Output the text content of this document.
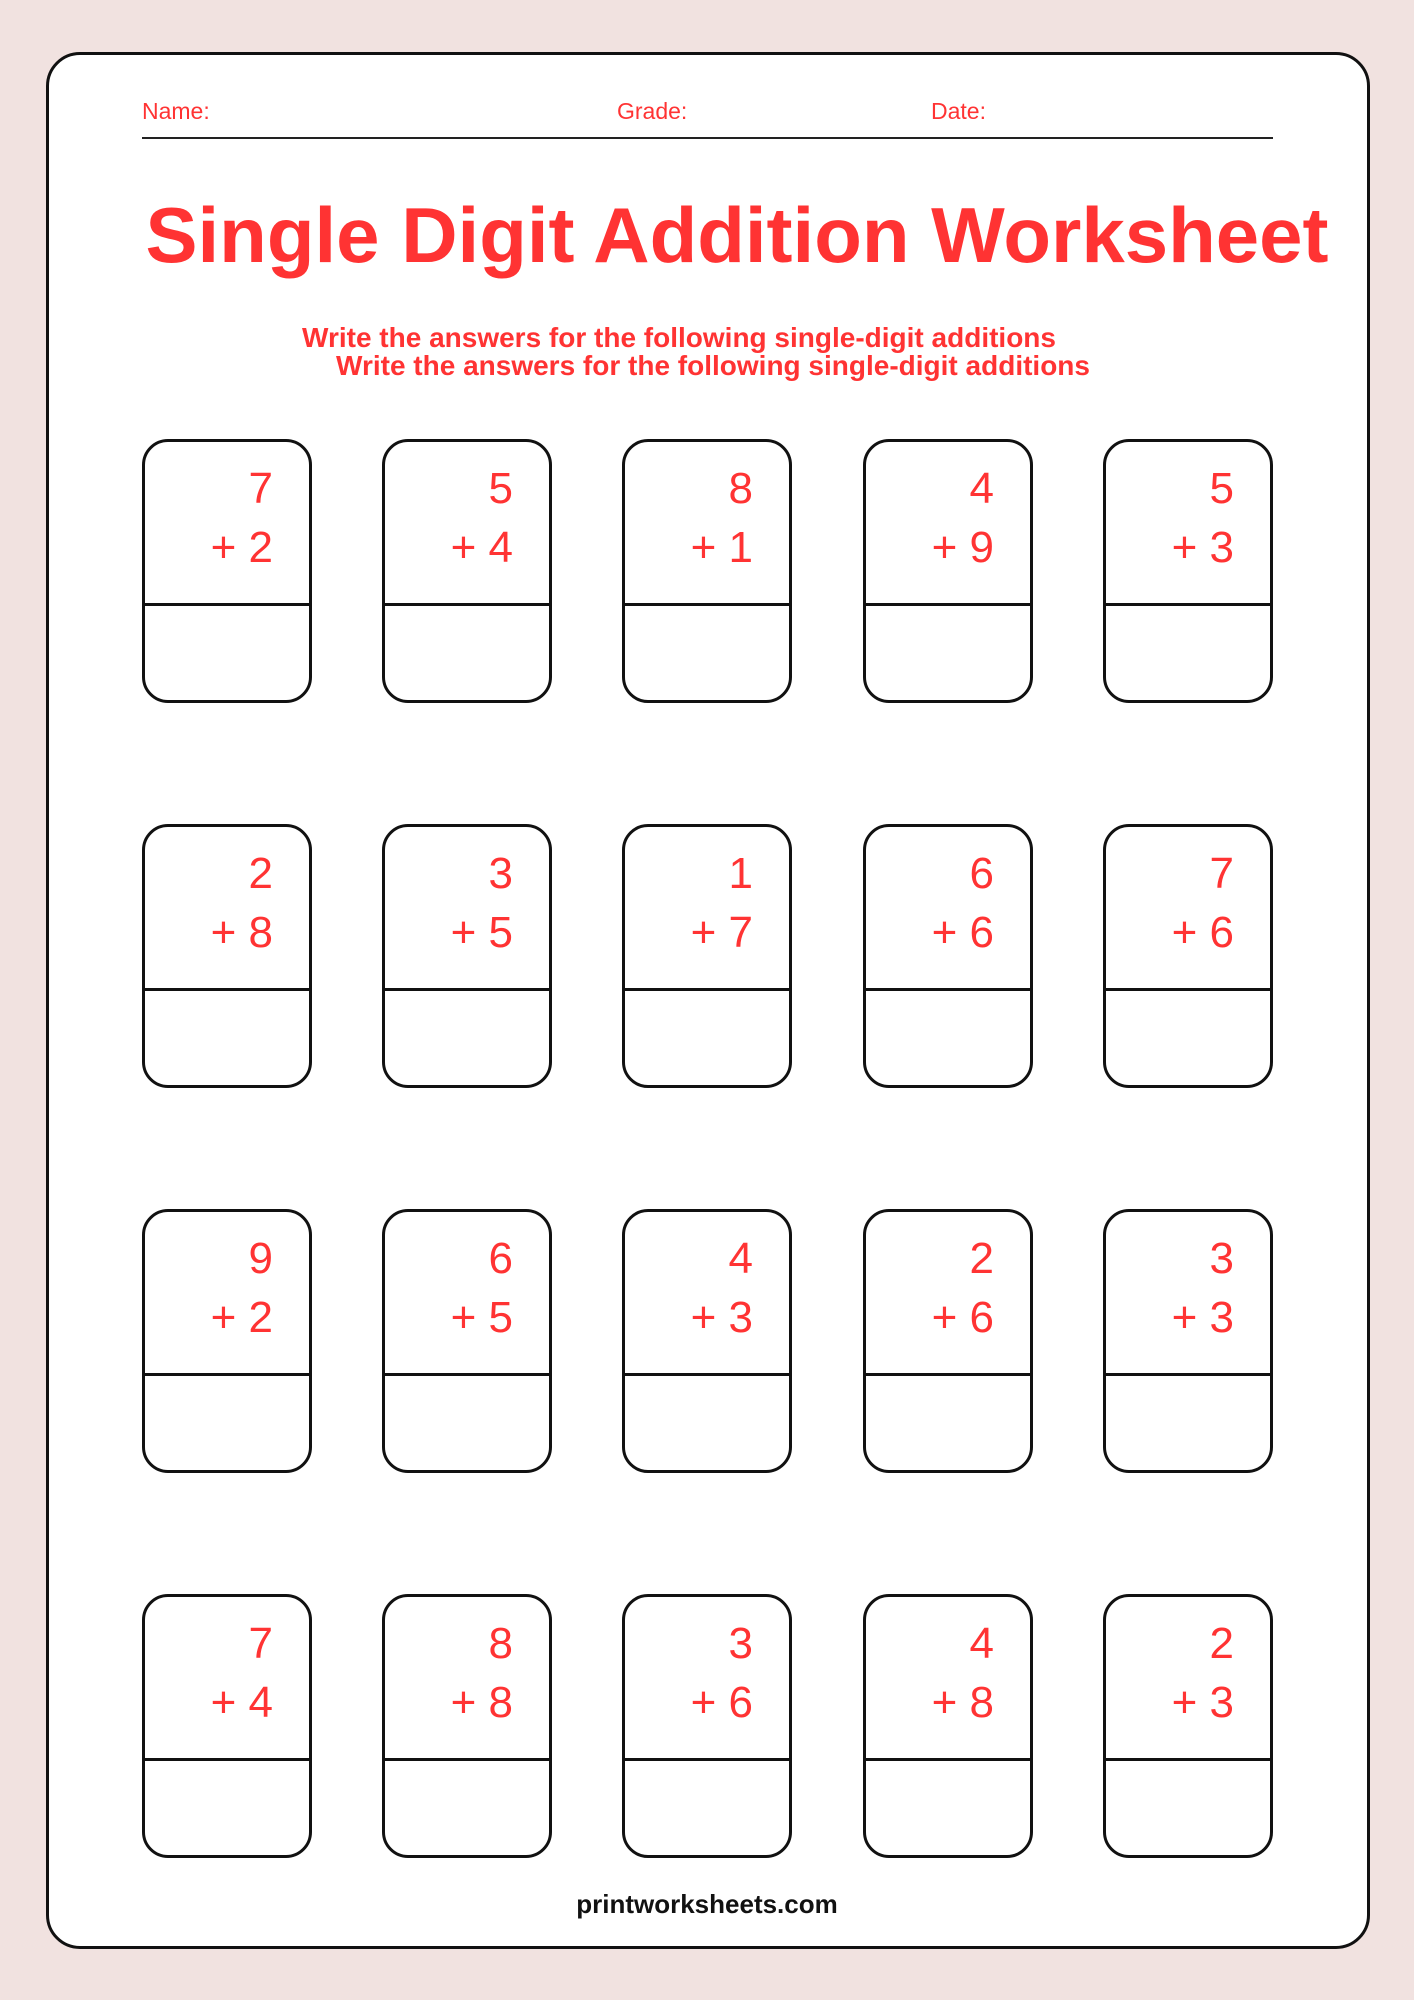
Name:	Grade:	Date:
Single Digit Addition Worksheet
Write the answers for the following single-digit additions
Write the answers for the following single-digit additions
7
+ 2
5
+ 4
8
+ 1
4
+ 9
5
+ 3
2
+ 8
3
+ 5
1
+ 7
6
+ 6
7
+ 6
9
+ 2
6
+ 5
4
+ 3
2
+ 6
3
+ 3
7
+ 4
8
+ 8
3
+ 6
4
+ 8
2
+ 3
printworksheets.com
